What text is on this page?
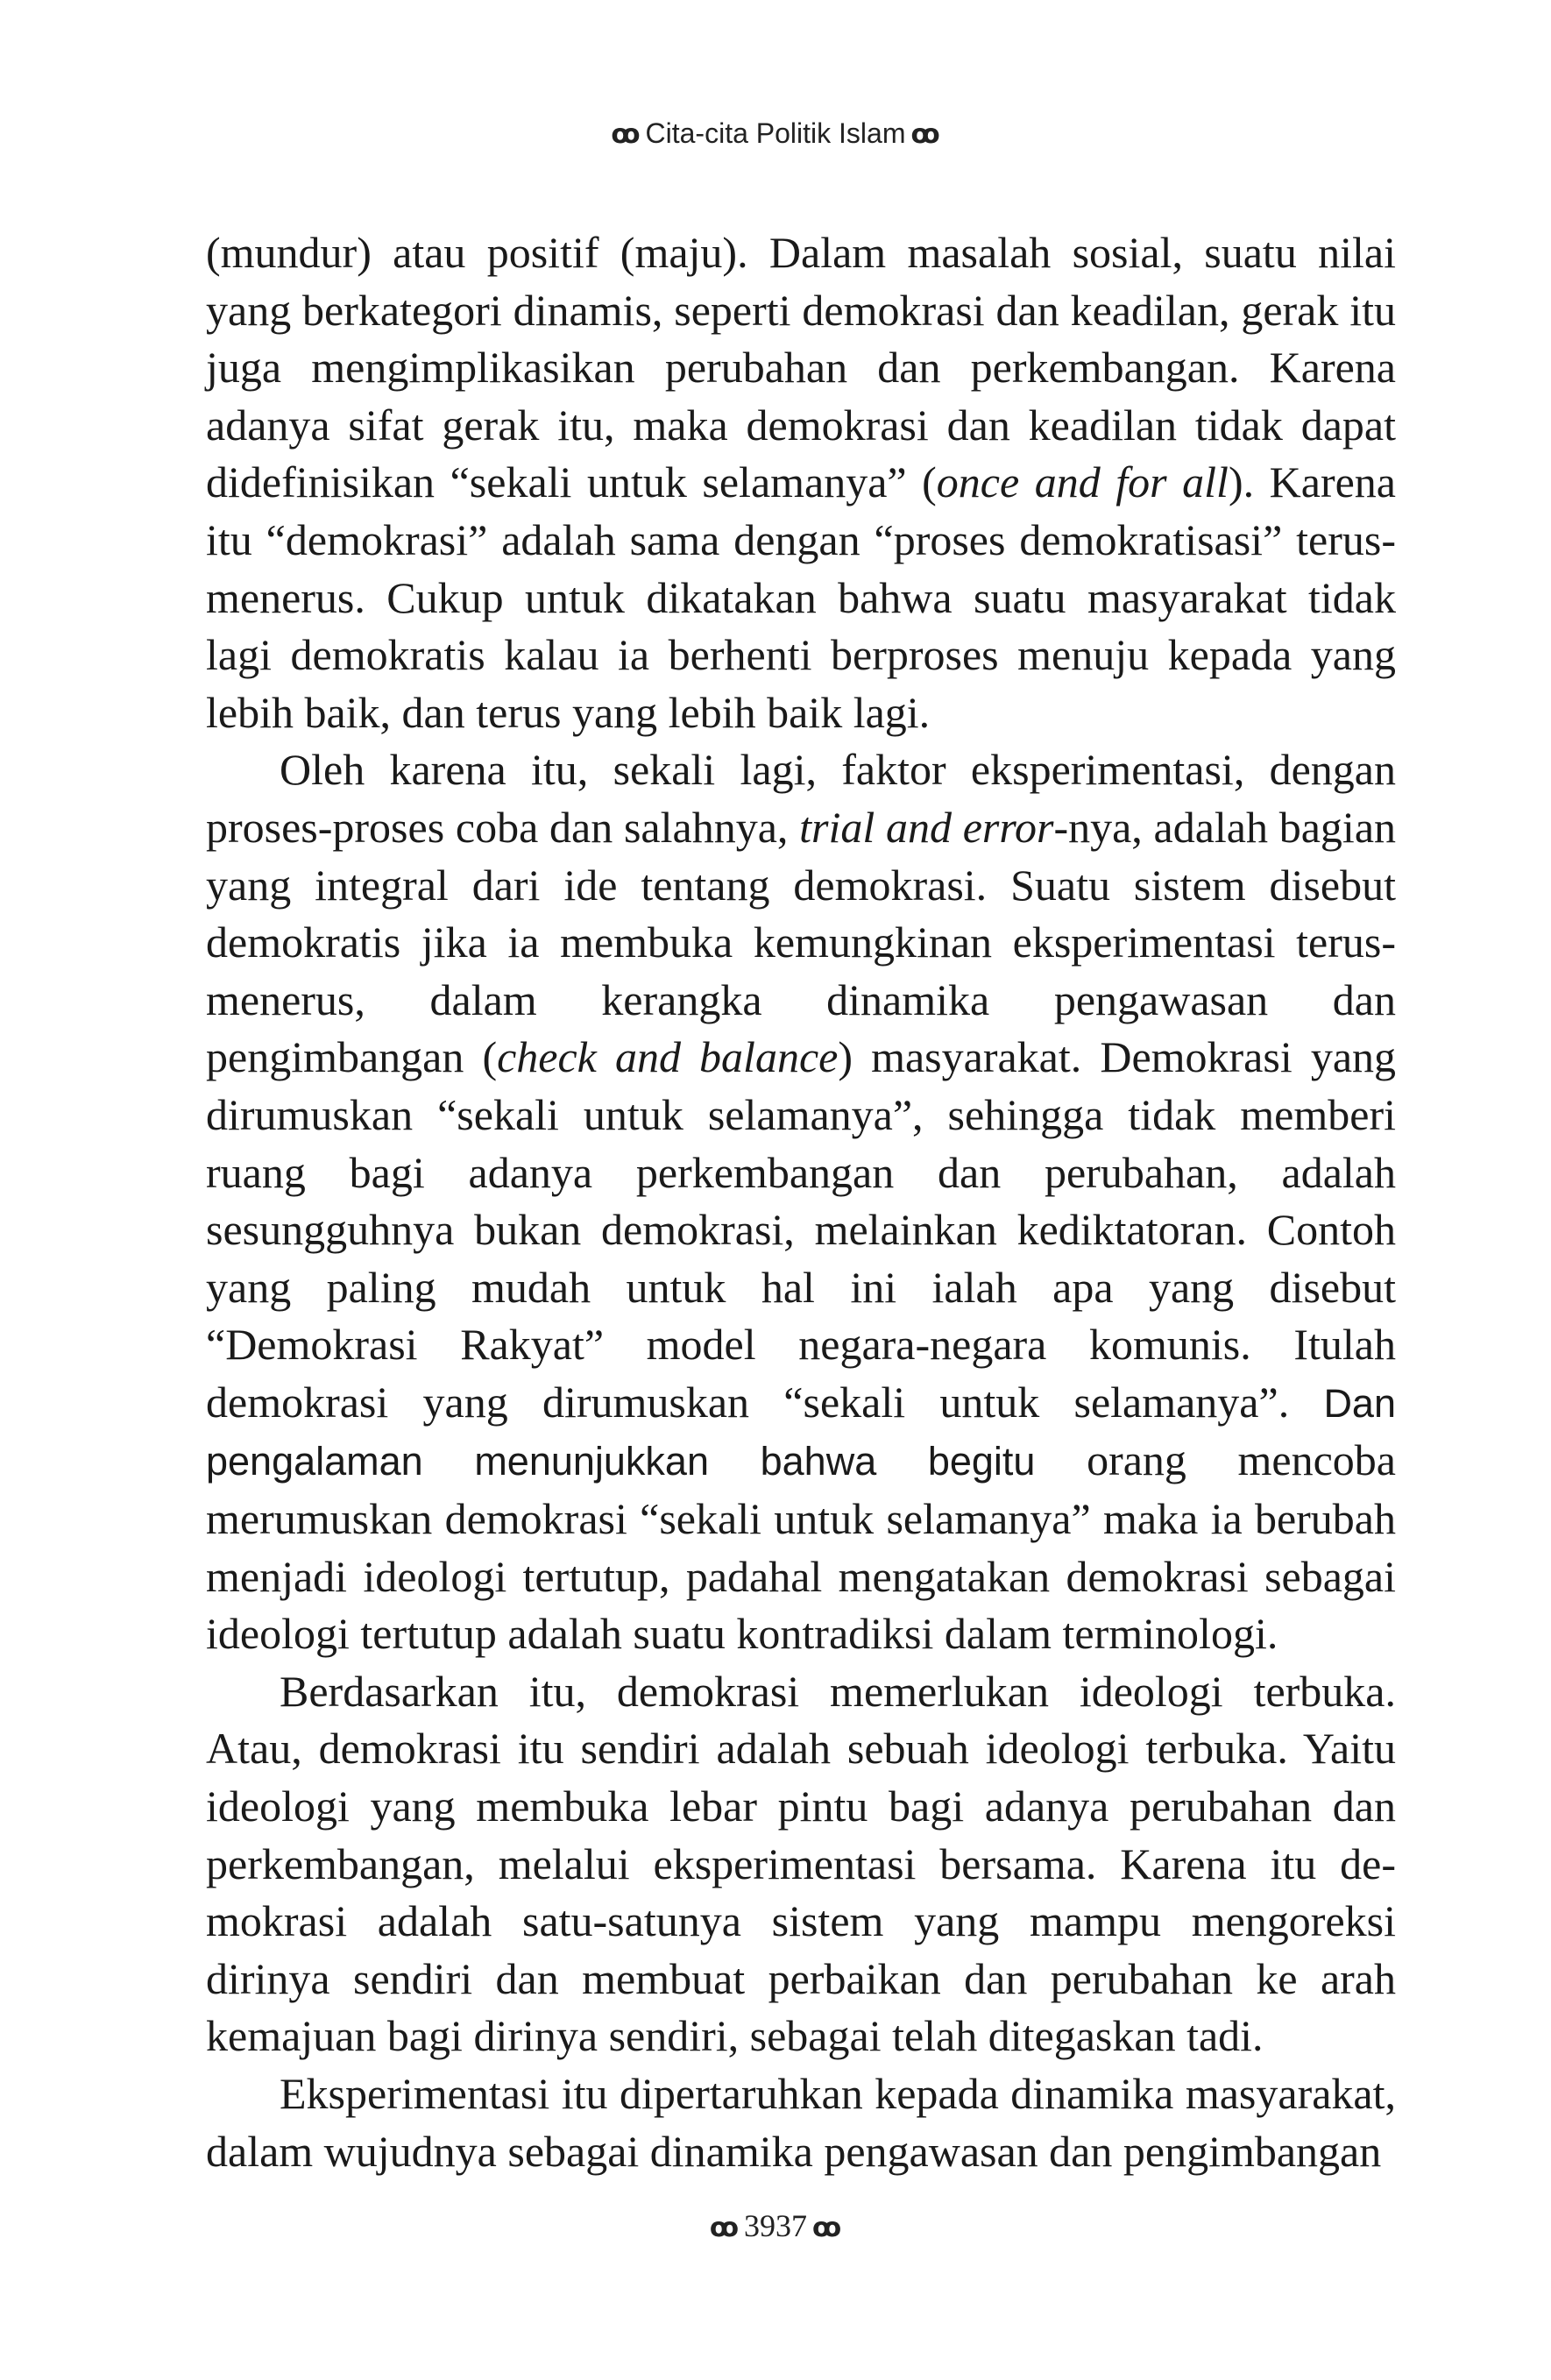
ꝏ Cita-cita Politik Islam ꝏ

(mundur) atau positif (maju). Dalam masalah sosial, suatu nilai yang berkategori dinamis, seperti demokrasi dan keadilan, gerak itu juga mengimplikasikan perubahan dan perkembangan. Karena adanya sifat gerak itu, maka demokrasi dan keadilan tidak dapat didefinisikan “sekali untuk selamanya” (once and for all). Karena itu “demokrasi” adalah sama dengan “proses demokratisasi” terus-menerus. Cukup untuk dikatakan bahwa suatu masyarakat tidak lagi demokratis kalau ia berhenti berproses menuju kepada yang lebih baik, dan terus yang lebih baik lagi.

Oleh karena itu, sekali lagi, faktor eksperimentasi, dengan proses-proses coba dan salahnya, trial and error-nya, adalah bagian yang integral dari ide tentang demokrasi. Suatu sistem disebut demokratis jika ia membuka kemungkinan eksperimentasi terus-menerus, dalam kerangka dinamika pengawasan dan pengimbangan (check and balance) masyarakat. Demokrasi yang dirumuskan “sekali untuk selamanya”, sehingga tidak memberi ruang bagi adanya perkembangan dan perubahan, adalah sesungguhnya bukan demokrasi, melainkan kediktatoran. Contoh yang paling mudah untuk hal ini ialah apa yang disebut “Demokrasi Rakyat” model negara-negara komunis. Itulah demokrasi yang dirumuskan “sekali untuk selamanya”. Dan pengalaman menunjukkan bahwa begitu orang mencoba merumuskan demokrasi “sekali untuk selamanya” maka ia berubah menjadi ideologi tertutup, padahal mengatakan demokrasi sebagai ideologi tertutup adalah suatu kontradiksi dalam terminologi.

Berdasarkan itu, demokrasi memerlukan ideologi terbuka. Atau, demokrasi itu sendiri adalah sebuah ideologi terbuka. Yaitu ideologi yang membuka lebar pintu bagi adanya perubahan dan perkembangan, melalui eksperimentasi bersama. Karena itu demokrasi adalah satu-satunya sistem yang mampu mengoreksi dirinya sendiri dan membuat perbaikan dan perubahan ke arah kemajuan bagi dirinya sendiri, sebagai telah ditegaskan tadi.

Eksperimentasi itu dipertaruhkan kepada dinamika masyarakat, dalam wujudnya sebagai dinamika pengawasan dan pengimbangan

ꝏ 3937 ꝏ
